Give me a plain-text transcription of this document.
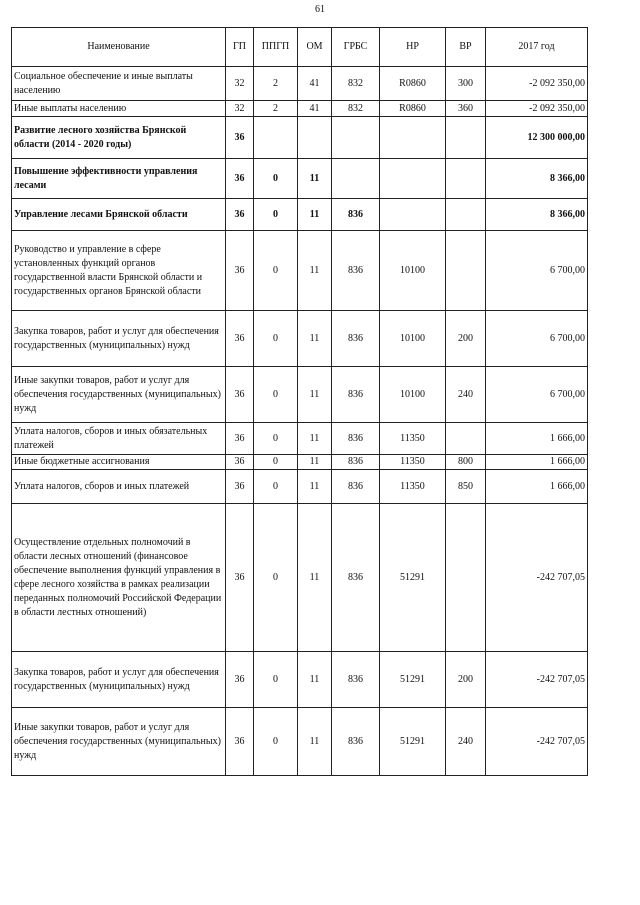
61
Наименование	ГП	ППГП	ОМ	ГРБС	НР	ВР	2017 год
Социальное обеспечение и иные выплаты населению	32	2	41	832	R0860	300	-2 092 350,00
Иные выплаты населению	32	2	41	832	R0860	360	-2 092 350,00
Развитие лесного хозяйства Брянской области (2014 - 2020 годы)	36						12 300 000,00
Повышение эффективности управления лесами	36	0	11				8 366,00
Управление лесами Брянской области	36	0	11	836			8 366,00
Руководство и управление в сфере установленных функций органов государственной власти Брянской области и государственных органов Брянской области	36	0	11	836	10100		6 700,00
Закупка товаров, работ и услуг для обеспечения государственных (муниципальных) нужд	36	0	11	836	10100	200	6 700,00
Иные закупки товаров, работ и услуг для обеспечения государственных (муниципальных) нужд	36	0	11	836	10100	240	6 700,00
Уплата налогов, сборов и иных обязательных платежей	36	0	11	836	11350		1 666,00
Иные бюджетные ассигнования	36	0	11	836	11350	800	1 666,00
Уплата налогов, сборов и иных платежей	36	0	11	836	11350	850	1 666,00
Осуществление отдельных полномочий в области лесных отношений (финансовое обеспечение выполнения функций управления в сфере лесного хозяйства в рамках реализации переданных полномочий Российской Федерации в области лестных отношений)	36	0	11	836	51291		-242 707,05
Закупка товаров, работ и услуг для обеспечения государственных (муниципальных) нужд	36	0	11	836	51291	200	-242 707,05
Иные закупки товаров, работ и услуг для обеспечения государственных (муниципальных) нужд	36	0	11	836	51291	240	-242 707,05
